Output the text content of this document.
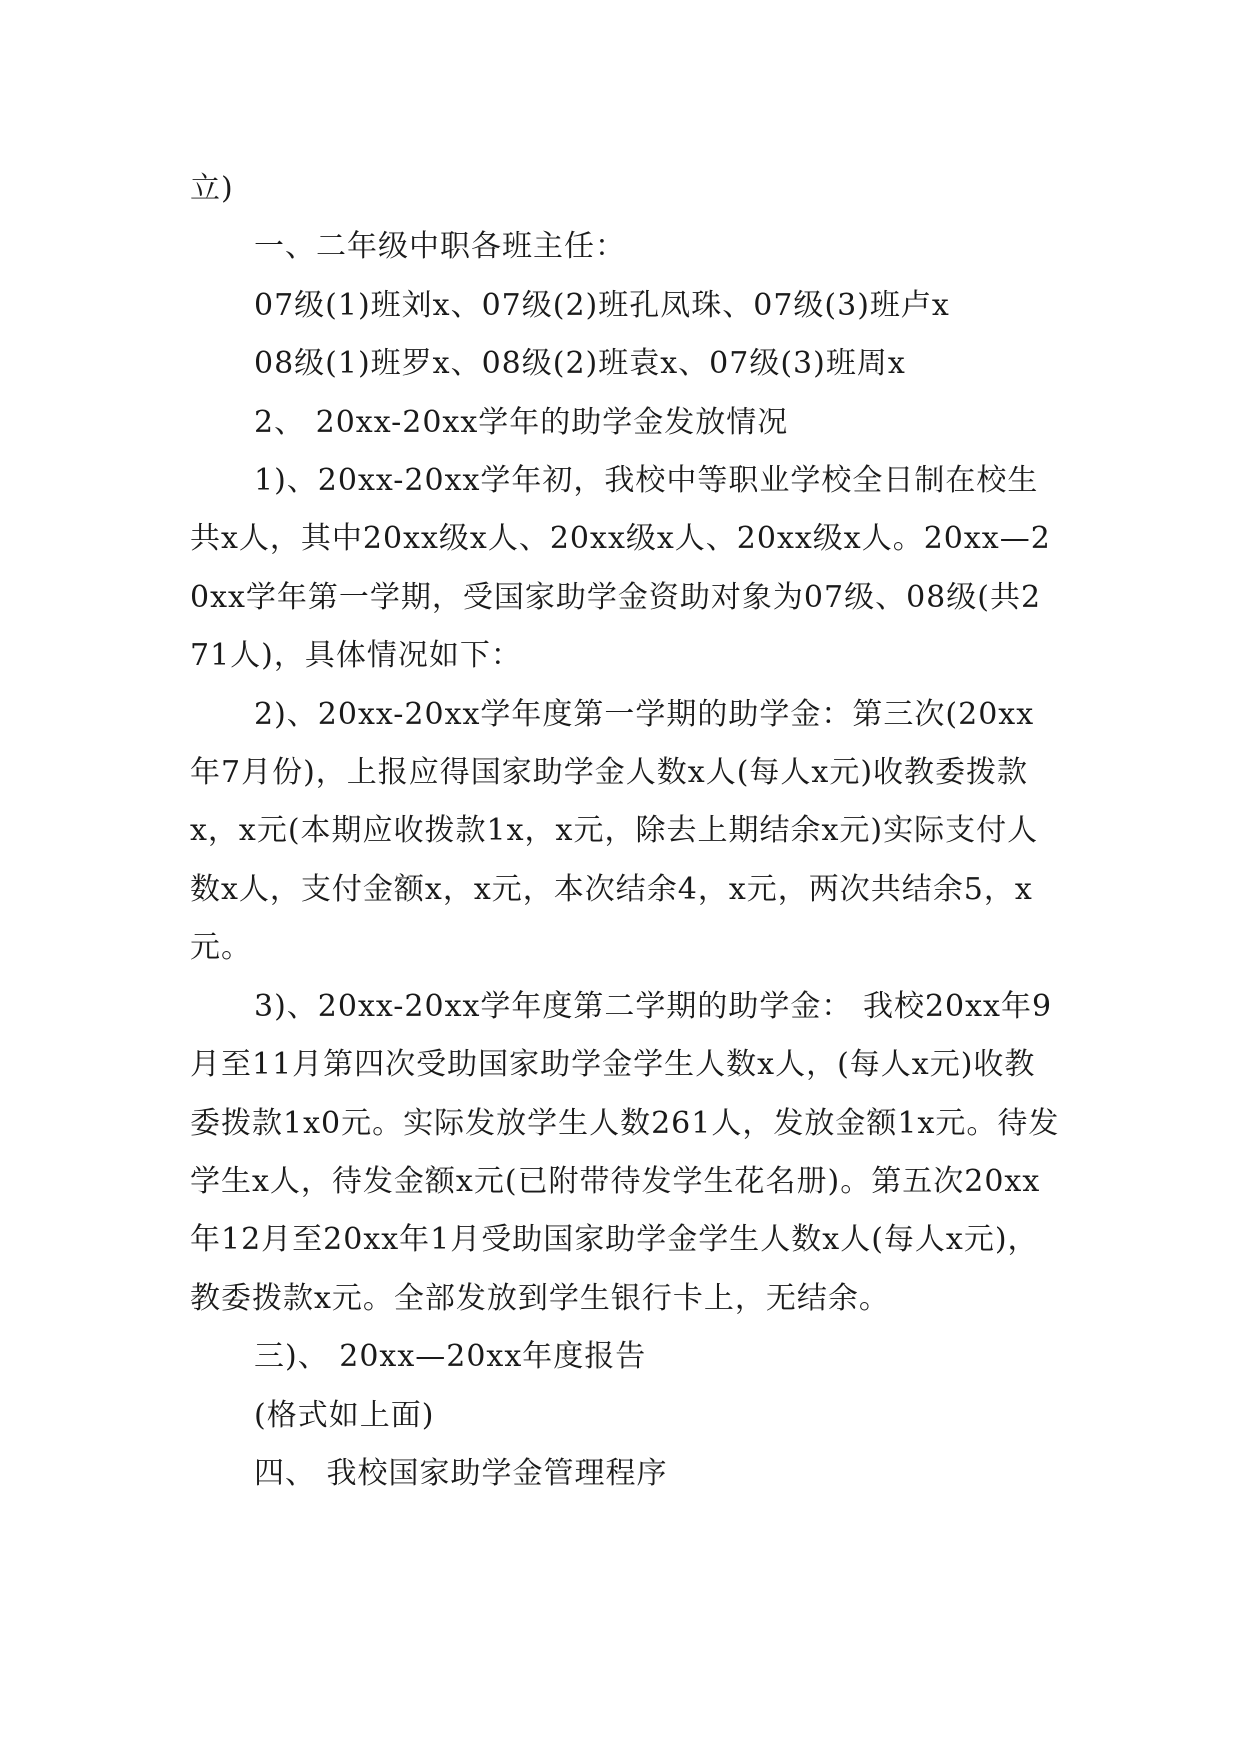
立)

一、二年级中职各班主任：

07级(1)班刘x、07级(2)班孔凤珠、07级(3)班卢x

08级(1)班罗x、08级(2)班袁x、07级(3)班周x

2、 20xx-20xx学年的助学金发放情况

1)、20xx-20xx学年初，我校中等职业学校全日制在校生共x人，其中20xx级x人、20xx级x人、20xx级x人。20xx—20xx学年第一学期，受国家助学金资助对象为07级、08级(共271人)，具体情况如下：

2)、20xx-20xx学年度第一学期的助学金：第三次(20xx年7月份)，上报应得国家助学金人数x人(每人x元)收教委拨款x，x元(本期应收拨款1x，x元，除去上期结余x元)实际支付人数x人，支付金额x，x元，本次结余4，x元，两次共结余5，x元。

3)、20xx-20xx学年度第二学期的助学金： 我校20xx年9月至11月第四次受助国家助学金学生人数x人，(每人x元)收教委拨款1x0元。实际发放学生人数261人，发放金额1x元。待发学生x人，待发金额x元(已附带待发学生花名册)。第五次20xx年12月至20xx年1月受助国家助学金学生人数x人(每人x元)，教委拨款x元。全部发放到学生银行卡上，无结余。

三)、 20xx—20xx年度报告

(格式如上面)

四、 我校国家助学金管理程序
